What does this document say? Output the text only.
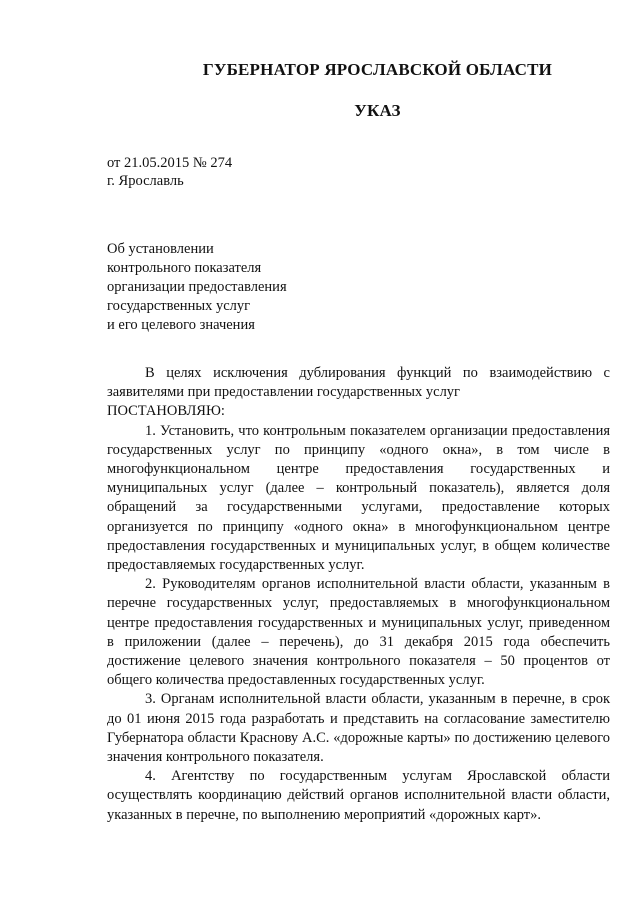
ГУБЕРНАТОР ЯРОСЛАВСКОЙ ОБЛАСТИ
УКАЗ
от 21.05.2015 № 274
г. Ярославль
Об установлении
контрольного показателя
организации предоставления
государственных услуг
и его целевого значения

В целях исключения дублирования функций по взаимодействию с заявителями при предоставлении государственных услуг

ПОСТАНОВЛЯЮ:

1. Установить, что контрольным показателем организации предоставления государственных услуг по принципу «одного окна», в том числе в многофункциональном центре предоставления государственных и муниципальных услуг (далее – контрольный показатель), является доля обращений за государственными услугами, предоставление которых организуется по принципу «одного окна» в многофункциональном центре предоставления государственных и муниципальных услуг, в общем количестве предоставляемых государственных услуг.

2. Руководителям органов исполнительной власти области, указанным в перечне государственных услуг, предоставляемых в многофункциональном центре предоставления государственных и муниципальных услуг, приведенном в приложении (далее – перечень), до 31 декабря 2015 года обеспечить достижение целевого значения контрольного показателя – 50 процентов от общего количества предоставленных государственных услуг.

3. Органам исполнительной власти области, указанным в перечне, в срок до 01 июня 2015 года разработать и представить на согласование заместителю Губернатора области Краснову А.С. «дорожные карты» по достижению целевого значения контрольного показателя.

4. Агентству по государственным услугам Ярославской области осуществлять координацию действий органов исполнительной власти области, указанных в перечне, по выполнению мероприятий «дорожных карт».
